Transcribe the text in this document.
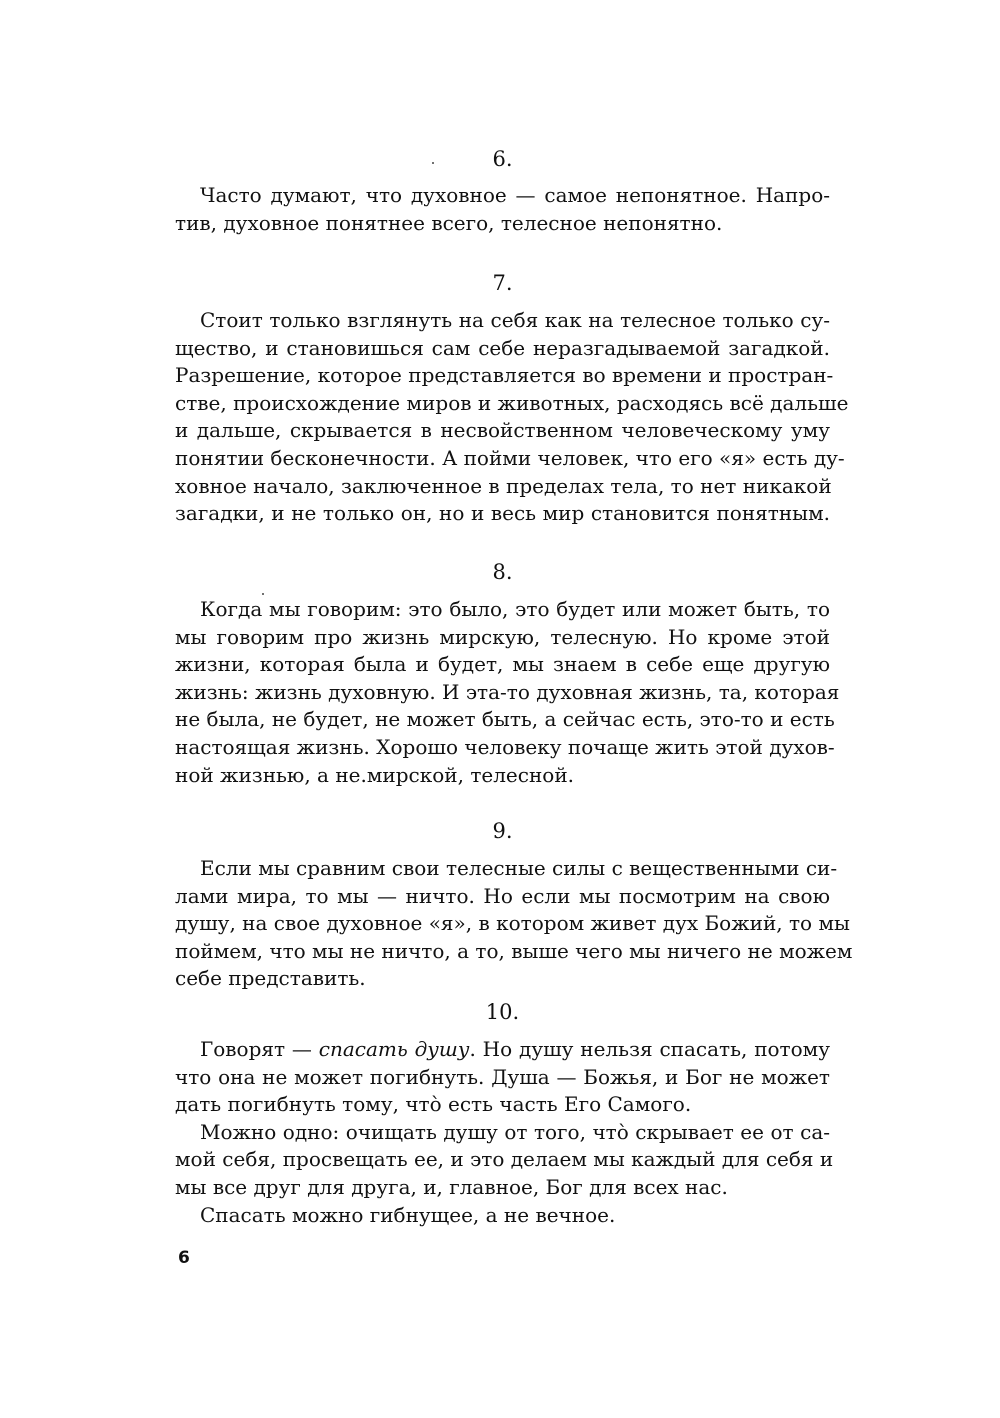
6.
Часто думают, что духовное — самое непонятное. Напро-
тив, духовное понятнее всего, телесное непонятно.
7.
Стоит только взглянуть на себя как на телесное только су-
щество, и становишься сам себе неразгадываемой загадкой.
Разрешение, которое представляется во времени и простран-
стве, происхождение миров и животных, расходясь всё дальше
и дальше, скрывается в несвойственном человеческому уму
понятии бесконечности. А пойми человек, что его «я» есть ду-
ховное начало, заключенное в пределах тела, то нет никакой
загадки, и не только он, но и весь мир становится понятным.
8.
Когда мы говорим: это было, это будет или может быть, то
мы говорим про жизнь мирскую, телесную. Но кроме этой
жизни, которая была и будет, мы знаем в себе еще другую
жизнь: жизнь духовную. И эта-то духовная жизнь, та, которая
не была, не будет, не может быть, а сейчас есть, это-то и есть
настоящая жизнь. Хорошо человеку почаще жить этой духов-
ной жизнью, а не.мирской, телесной.
9.
Если мы сравним свои телесные силы с вещественными си-
лами мира, то мы — ничто. Но если мы посмотрим на свою
душу, на свое духовное «я», в котором живет дух Божий, то мы
поймем, что мы не ничто, а то, выше чего мы ничего не можем
себе представить.
10.
Говорят — спасать душу. Но душу нельзя спасать, потому
что она не может погибнуть. Душа — Божья, и Бог не может
дать погибнуть тому, что̀ есть часть Его Самого.
Можно одно: очищать душу от того, что̀ скрывает ее от са-
мой себя, просвещать ее, и это делаем мы каждый для себя и
мы все друг для друга, и, главное, Бог для всех нас.
Спасать можно гибнущее, а не вечное.
6
